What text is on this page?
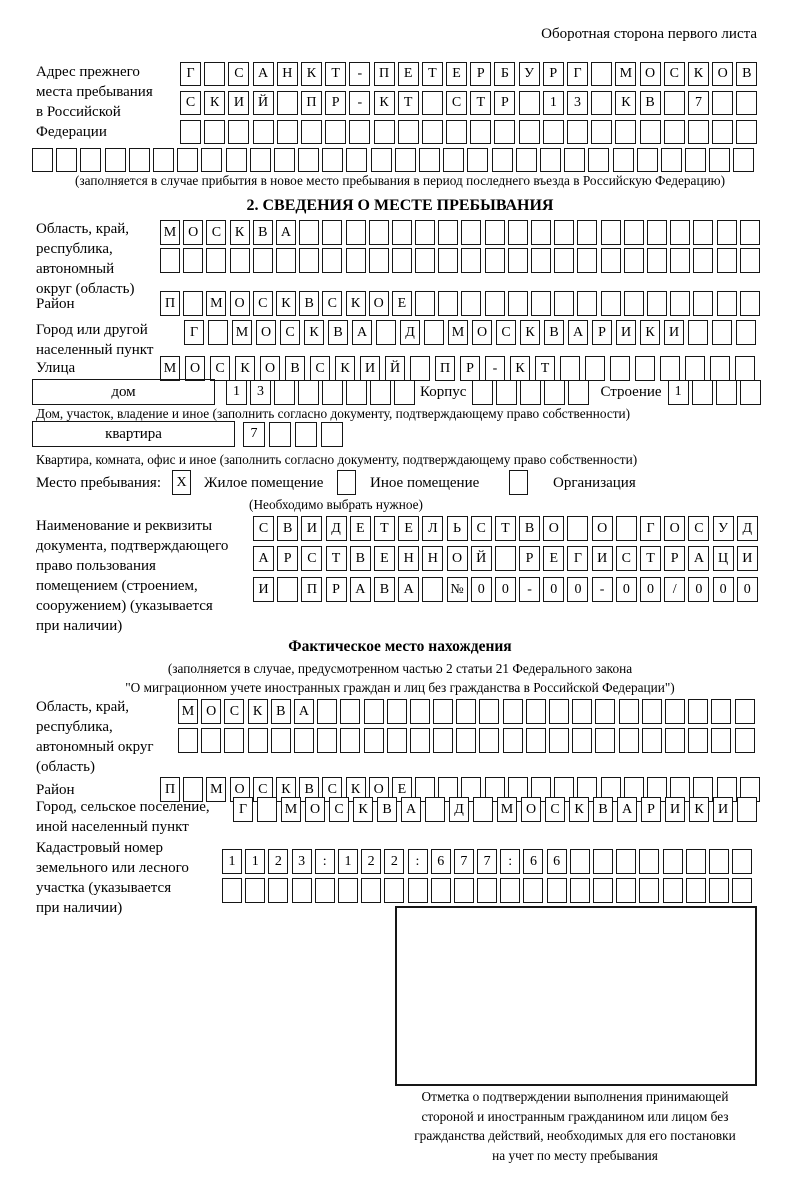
Оборотная сторона первого листа
Адрес прежнего
места пребывания
в Российской
Федерации
Г	С	А	Н	К	Т	-	П	Е	Т	Е	Р	Б	У	Р	Г	М О	С	К	О	В
С	К	И	Й	П	Р	-	К	Т	С	Т	Р	1	3	К	В	7
(заполняется в случае прибытия в новое место пребывания в период последнего въезда в Российскую Федерацию)
2. СВЕДЕНИЯ О МЕСТЕ ПРЕБЫВАНИЯ
Область, край,
республика,
автономный
округ (область)
М О С К В А
Район	П	М О С К В С К О Е
Город или другой
населенный пункт
Г	М О	С	К	В	А	Д	М О	С	К	В	А	Р	И	К	И
Улица	М О	С	К	О	В	С	К	И	Й	П	Р	-	К	Т
дом	1	3	Корпус	Строение 1
Дом, участок, владение и иное (заполнить согласно документу, подтверждающему право собственности)
квартира	7
Квартира, комната, офис и иное (заполнить согласно документу, подтверждающему право собственности)
Место пребывания:	X Жилое помещение	Иное помещение	Организация
(Необходимо выбрать нужное)
Наименование и реквизиты
документа, подтверждающего
право пользования
помещением (строением,
сооружением) (указывается
при наличии)
С	В	И	Д	Е	Т	Е	Л	Ь	С	Т	В	О	О	Г	О	С	У	Д
А	Р	С	Т	В	Е	Н	Н	О	Й	Р	Е	Г	И	С	Т	Р	А	Ц	И
И	П	Р	А	В	А	№	0	0	-	0	0	-	0	0	/	0	0	0
Фактическое место нахождения
(заполняется в случае, предусмотренном частью 2 статьи 21 Федерального закона
"О миграционном учете иностранных граждан и лиц без гражданства в Российской Федерации")
Область, край,
республика,
автономный округ
(область)
М О С К В А
Район	П	М О С К В С К О Е
Город, сельское поселение,
иной населенный пункт
Г	М О	С	К	В	А	Д	М О	С	К	В	А	Р	И	К	И
Кадастровый номер
земельного или лесного
участка (указывается
при наличии)
1	1	2	3	:	1	2	2	:	6	7	7	:	6	6
Отметка о подтверждении выполнения принимающей
стороной и иностранным гражданином или лицом без
гражданства действий, необходимых для его постановки
на учет по месту пребывания
